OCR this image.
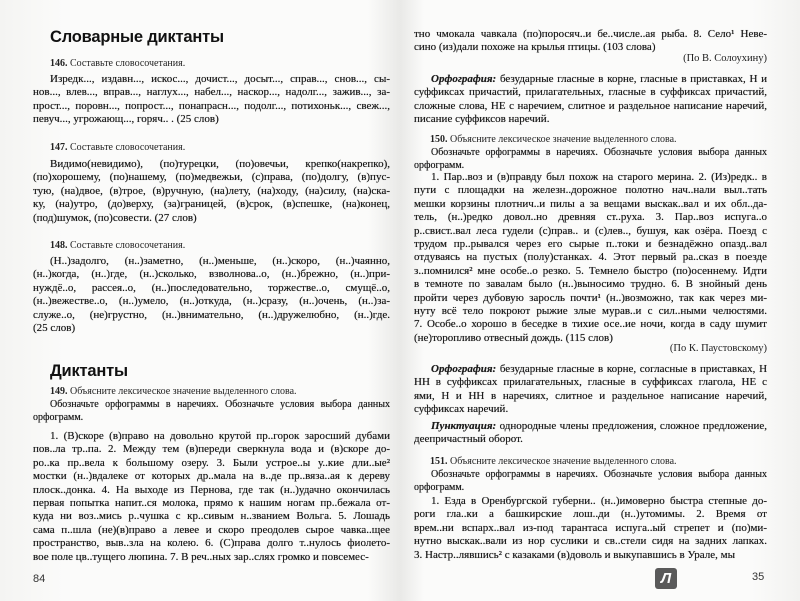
Словарные диктанты
146. Составьте словосочетания.
Изредк..., издавн..., искос..., дочист..., досыт..., справ..., снов..., сы-
нов..., влев..., вправ..., наглух..., набел..., наскор..., надолг..., зажив..., за-
прост..., поровн..., попрост..., понапрасн..., подолг..., потихоньк..., свеж...,
певуч..., угрожающ..., горяч.. . (25 слов)
147. Составьте словосочетания.
Видимо(невидимо), (по)турецки, (по)овечьи, крепко(накрепко),
(по)хорошему, (по)нашему, (по)медвежьи, (с)права, (по)долгу, (в)пус-
тую, (на)двое, (в)трое, (в)ручную, (на)лету, (на)ходу, (на)силу, (на)ска-
ку, (на)утро, (до)верху, (за)границей, (в)срок, (в)спешке, (на)конец,
(под)шумок, (по)совести. (27 слов)
148. Составьте словосочетания.
(Н..)задолго, (н..)заметно, (н..)меньше, (н..)скоро, (н..)чаянно,
(н..)когда, (н..)где, (н..)сколько, взволнова..о, (н..)брежно, (н..)при-
нуждё..о, рассея..о, (н..)последовательно, торжестве..о, смущё..о,
(н..)вежестве..о, (н..)умело, (н..)откуда, (н..)сразу, (н..)очень, (н..)за-
служе..о, (не)грустно, (н..)внимательно, (н..)дружелюбно, (н..)где.
(25 слов)
Диктанты
149. Объясните лексическое значение выделенного слова.
Обозначьте орфограммы в наречиях. Обозначьте условия выбора данных
орфограмм.
1. (В)скоре (в)право на довольно крутой пр..горок заросший дубами
пов..ла тр..па. 2. Между тем (в)переди сверкнула вода и (в)скоре до-
ро..ка пр..вела к большому озеру. 3. Были устрое..ы у..кие дли..ые²
мостки (н..)вдалеке от которых др..мала на в..де пр..вяза..ая к дереву
плоск..донка. 4. На выходе из Пернова, где так (н..)удачно окончилась
первая попытка напит..ся молока, прямо к нашим ногам пр..бежала от-
куда ни воз..мись р..чушка с кр..сивым н..званием Вольга. 5. Лошадь
сама п..шла (не)(в)право а левее и скоро преодолев сырое чавка..щее
пространство, выв..зла на колею. 6. (С)права долго т..нулось фиолето-
вое поле цв..тущего люпина. 7. В реч..ных зар..слях громко и повсемес-
84
тно чмокала чавкала (по)поросяч..и бе..числе..ая рыба. 8. Село¹ Неве-
сино (из)дали похоже на крылья птицы. (103 слова)
(По В. Солоухину)
Орфография: безударные гласные в корне, гласные в приставках, Н и
суффиксах причастий, прилагательных, гласные в суффиксах причастий,
сложные слова, НЕ с наречием, слитное и раздельное написание наречий,
писание суффиксов наречий.
150. Объясните лексическое значение выделенного слова.
Обозначьте орфограммы в наречиях. Обозначьте условия выбора данных
орфограмм.
1. Пар..воз и (в)правду был похож на старого мерина. 2. (Из)редк.. в
пути с площадки на железн..дорожное полотно нач..нали выл..тать
мешки корзины плотнич..и пилы а за вещами выскак..вал и их обл..да-
тель, (н..)редко довол..но древняя ст..руха. 3. Пар..воз испуга..о
р..свист..вал леса гудели (с)прав.. и (с)лев.., бушуя, как озёра. Поезд с
трудом пр..рывался через его сырые п..токи и безнадёжно опазд..вал
отдуваясь на пустых (полу)станках. 4. Этот первый ра..сказ в поезде
з..помнился² мне особе..о резко. 5. Темнело быстро (по)осеннему. Идти
в темноте по завалам было (н..)выносимо трудно. 6. В знойный день
пройти через дубовую заросль почти¹ (н..)возможно, так как через ми-
нуту всё тело покроют рыжие злые мурав..и с сил..ными челюстями.
7. Особе..о хорошо в беседке в тихие осе..ие ночи, когда в саду шумит
(не)торопливо отвесный дождь. (115 слов)
(По К. Паустовскому)
Орфография: безударные гласные в корне, согласные в приставках, Н
НН в суффиксах прилагательных, гласные в суффиксах глагола, НЕ с
ями, Н и НН в наречиях, слитное и раздельное написание наречий,
суффиксах наречий.
Пунктуация: однородные члены предложения, сложное предложение,
деепричастный оборот.
151. Объясните лексическое значение выделенного слова.
Обозначьте орфограммы в наречиях. Обозначьте условия выбора данных
орфограмм.
1. Езда в Оренбургской губерни.. (н..)имоверно быстра степные до-
роги гла..ки а башкирские лош..ди (н..)утомимы. 2. Время от
врем..ни вспарх..вал из-под тарантаса испуга..ый стрепет и (по)ми-
нутно выскак..вали из нор суслики и св..стели сидя на задних лапках.
3. Настр..лявшись² с казаками (в)доволь и выкупавшись в Урале, мы
Л	35
